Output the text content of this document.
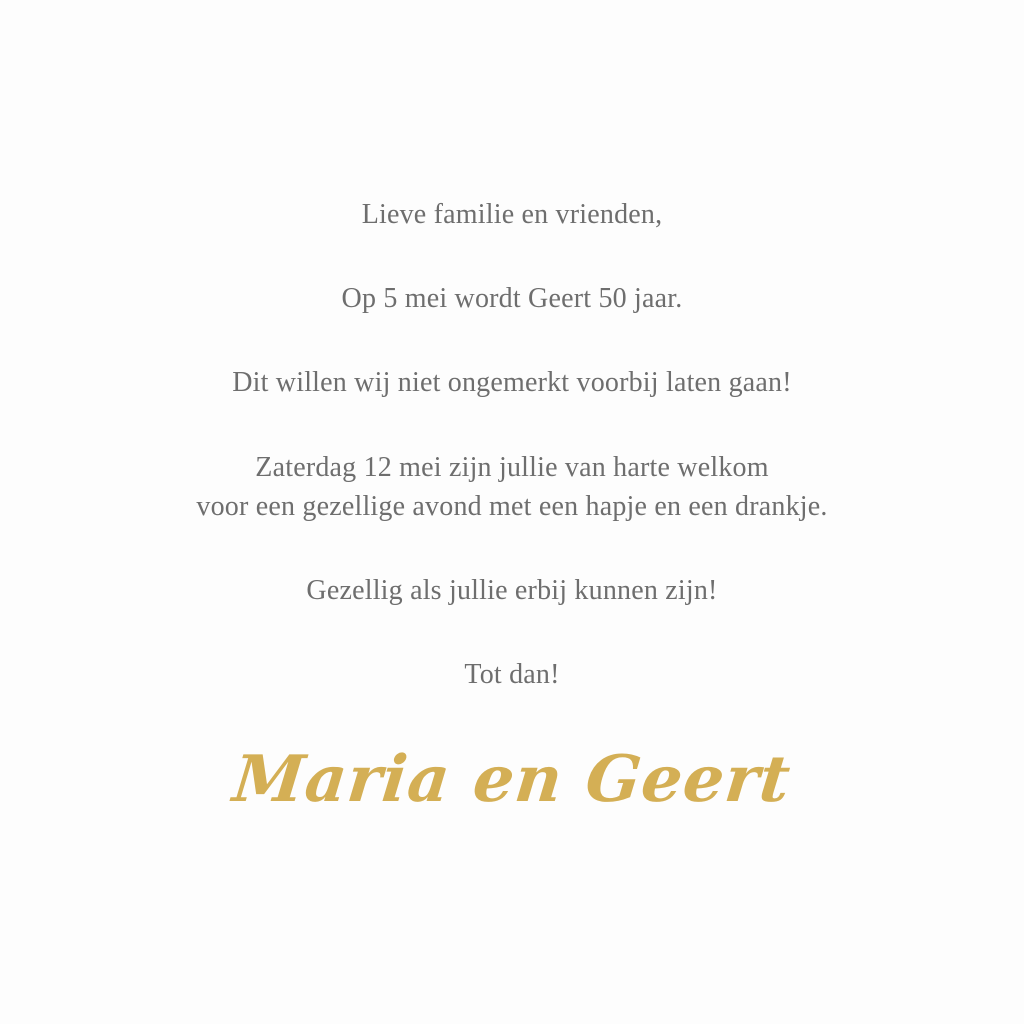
Lieve familie en vrienden,

Op 5 mei wordt Geert 50 jaar.

Dit willen wij niet ongemerkt voorbij laten gaan!

Zaterdag 12 mei zijn jullie van harte welkom
voor een gezellige avond met een hapje en een drankje.

Gezellig als jullie erbij kunnen zijn!

Tot dan!

Maria en Geert
